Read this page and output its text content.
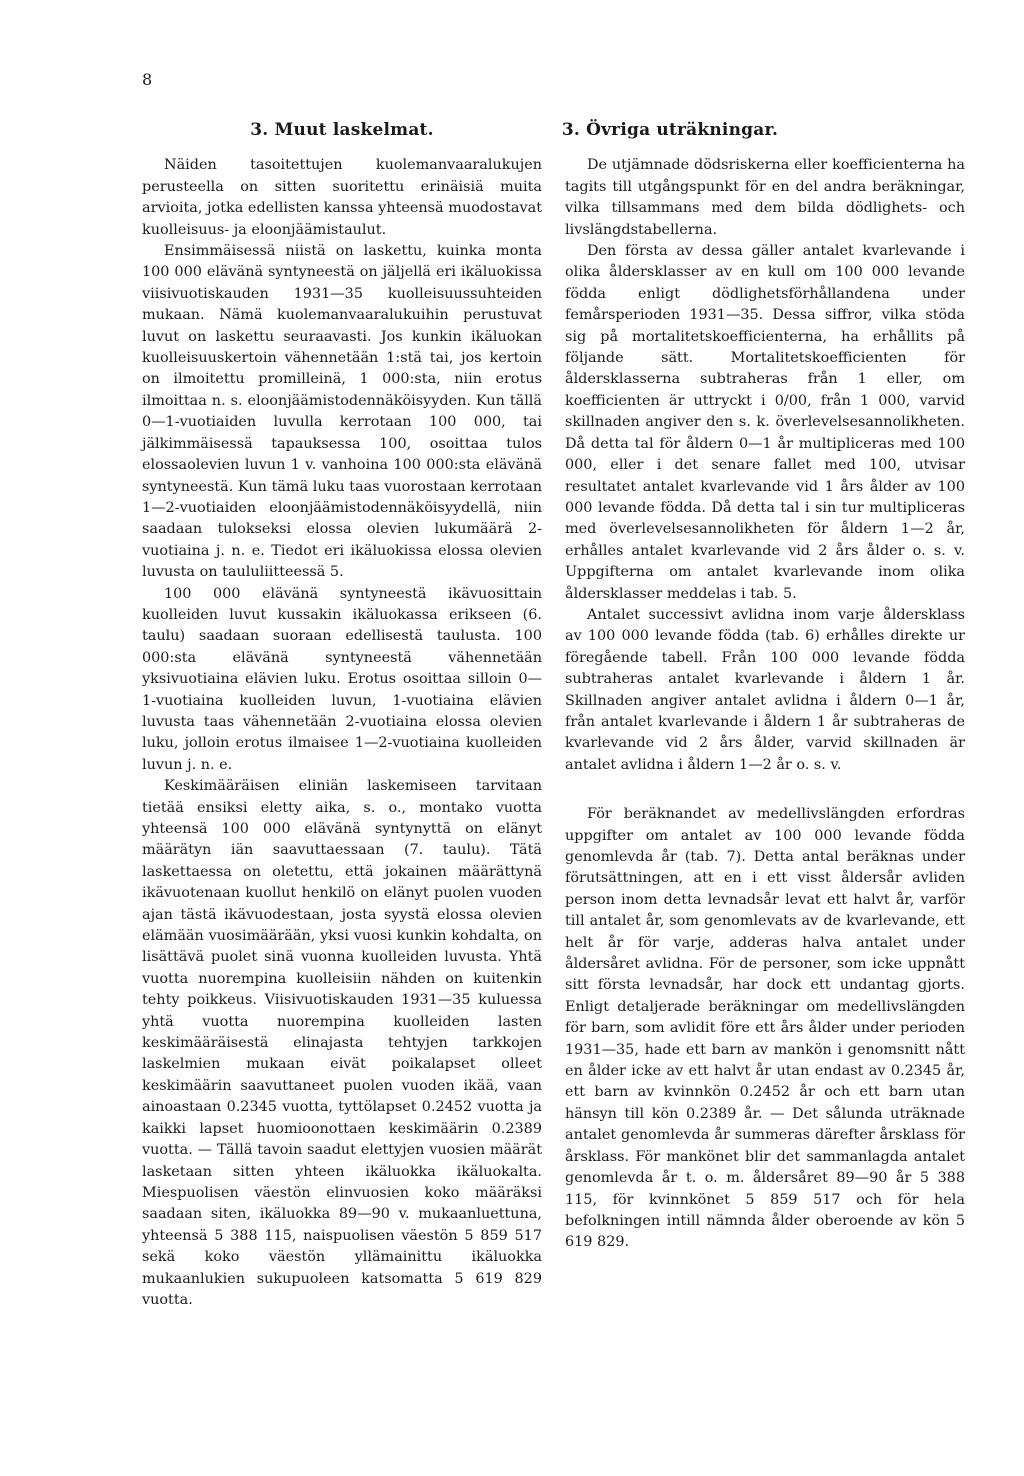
8
3. Muut laskelmat.

Näiden tasoitettujen kuolemanvaaralukujen perusteella on sitten suoritettu erinäisiä muita arvioita, jotka edellisten kanssa yhteensä muodostavat kuolleisuus- ja eloonjäämistaulut.

Ensimmäisessä niistä on laskettu, kuinka monta 100 000 elävänä syntyneestä on jäljellä eri ikäluokissa viisivuotiskauden 1931—35 kuolleisuussuhteiden mukaan. Nämä kuolemanvaaralukuihin perustuvat luvut on laskettu seuraavasti. Jos kunkin ikäluokan kuolleisuuskertoin vähennetään 1:stä tai, jos kertoin on ilmoitettu promilleinä, 1 000:sta, niin erotus ilmoittaa n. s. eloonjäämistodennäköisyyden. Kun tällä 0—1-vuotiaiden luvulla kerrotaan 100 000, tai jälkimmäisessä tapauksessa 100, osoittaa tulos elossaolevien luvun 1 v. vanhoina 100 000:sta elävänä syntyneestä. Kun tämä luku taas vuorostaan kerrotaan 1—2-vuotiaiden eloonjäämistodennäköisyydellä, niin saadaan tulokseksi elossa olevien lukumäärä 2-vuotiaina j. n. e. Tiedot eri ikäluokissa elossa olevien luvusta on taululiitteessä 5.

100 000 elävänä syntyneestä ikävuosittain kuolleiden luvut kussakin ikäluokassa erikseen (6. taulu) saadaan suoraan edellisestä taulusta. 100 000:sta elävänä syntyneestä vähennetään yksivuotiaina elävien luku. Erotus osoittaa silloin 0—1-vuotiaina kuolleiden luvun, 1-vuotiaina elävien luvusta taas vähennetään 2-vuotiaina elossa olevien luku, jolloin erotus ilmaisee 1—2-vuotiaina kuolleiden luvun j. n. e.

Keskimääräisen eliniän laskemiseen tarvitaan tietää ensiksi eletty aika, s. o., montako vuotta yhteensä 100 000 elävänä syntynyttä on elänyt määrätyn iän saavuttaessaan (7. taulu). Tätä laskettaessa on oletettu, että jokainen määrättynä ikävuotenaan kuollut henkilö on elänyt puolen vuoden ajan tästä ikävuodestaan, josta syystä elossa olevien elämään vuosimäärään, yksi vuosi kunkin kohdalta, on lisättävä puolet sinä vuonna kuolleiden luvusta. Yhtä vuotta nuorempina kuolleisiin nähden on kuitenkin tehty poikkeus. Viisivuotiskauden 1931—35 kuluessa yhtä vuotta nuorempina kuolleiden lasten keskimääräisestä elinajasta tehtyjen tarkkojen laskelmien mukaan eivät poikalapset olleet keskimäärin saavuttaneet puolen vuoden ikää, vaan ainoastaan 0.2345 vuotta, tyttölapset 0.2452 vuotta ja kaikki lapset huomioonottaen keskimäärin 0.2389 vuotta. — Tällä tavoin saadut elettyjen vuosien määrät lasketaan sitten yhteen ikäluokka ikäluokalta. Miespuolisen väestön elinvuosien koko määräksi saadaan siten, ikäluokka 89—90 v. mukaanluettuna, yhteensä 5 388 115, naispuolisen väestön 5 859 517 sekä koko väestön yllämainittu ikäluokka mukaanlukien sukupuoleen katsomatta 5 619 829 vuotta.

3. Övriga uträkningar.

De utjämnade dödsriskerna eller koefficienterna ha tagits till utgångspunkt för en del andra beräkningar, vilka tillsammans med dem bilda dödlighets- och livslängdstabellerna.

Den första av dessa gäller antalet kvarlevande i olika åldersklasser av en kull om 100 000 levande födda enligt dödlighetsförhållandena under femårsperioden 1931—35. Dessa siffror, vilka stöda sig på mortalitetskoefficienterna, ha erhållits på följande sätt. Mortalitetskoefficienten för åldersklasserna subtraheras från 1 eller, om koefficienten är uttryckt i 0/00, från 1 000, varvid skillnaden angiver den s. k. överlevelsesannolikheten. Då detta tal för åldern 0—1 år multipliceras med 100 000, eller i det senare fallet med 100, utvisar resultatet antalet kvarlevande vid 1 års ålder av 100 000 levande födda. Då detta tal i sin tur multipliceras med överlevelsesannolikheten för åldern 1—2 år, erhålles antalet kvarlevande vid 2 års ålder o. s. v. Uppgifterna om antalet kvarlevande inom olika åldersklasser meddelas i tab. 5.

Antalet successivt avlidna inom varje åldersklass av 100 000 levande födda (tab. 6) erhålles direkte ur föregående tabell. Från 100 000 levande födda subtraheras antalet kvarlevande i åldern 1 år. Skillnaden angiver antalet avlidna i åldern 0—1 år, från antalet kvarlevande i åldern 1 år subtraheras de kvarlevande vid 2 års ålder, varvid skillnaden är antalet avlidna i åldern 1—2 år o. s. v.

För beräknandet av medellivslängden erfordras uppgifter om antalet av 100 000 levande födda genomlevda år (tab. 7). Detta antal beräknas under förutsättningen, att en i ett visst åldersår avliden person inom detta levnadsår levat ett halvt år, varför till antalet år, som genomlevats av de kvarlevande, ett helt år för varje, adderas halva antalet under åldersåret avlidna. För de personer, som icke uppnått sitt första levnadsår, har dock ett undantag gjorts. Enligt detaljerade beräkningar om medellivslängden för barn, som avlidit före ett års ålder under perioden 1931—35, hade ett barn av mankön i genomsnitt nått en ålder icke av ett halvt år utan endast av 0.2345 år, ett barn av kvinnkön 0.2452 år och ett barn utan hänsyn till kön 0.2389 år. — Det sålunda uträknade antalet genomlevda år summeras därefter årsklass för årsklass. För mankönet blir det sammanlagda antalet genomlevda år t. o. m. åldersåret 89—90 år 5 388 115, för kvinnkönet 5 859 517 och för hela befolkningen intill nämnda ålder oberoende av kön 5 619 829.
